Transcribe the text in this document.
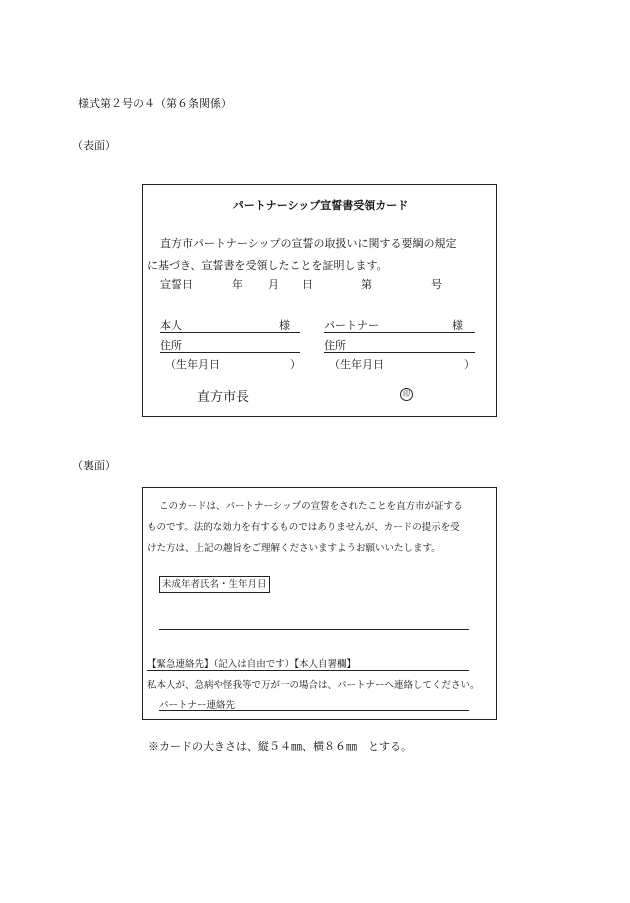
様式第２号の４（第６条関係）
（表面）
パートナーシップ宣誓書受領カード
直方市パートナーシップの宣誓の取扱いに関する要綱の規定
に基づき、宣誓書を受領したことを証明します。
宣誓日	年 月 日	第	号
本人	様
住所
（生年月日	）
パートナー	様
住所
（生年月日	）
直方市長	印
（裏面）
このカードは、パートナーシップの宣誓をされたことを直方市が証する
ものです。法的な効力を有するものではありませんが、カードの提示を受
けた方は、上記の趣旨をご理解くださいますようお願いいたします。
未成年者氏名・生年月日
【緊急連絡先】（記入は自由です）【本人自署欄】
私本人が、急病や怪我等で万が一の場合は、パートナーへ連絡してください。
パートナー連絡先
※カードの大きさは、縦５４㎜、横８６㎜　とする。
